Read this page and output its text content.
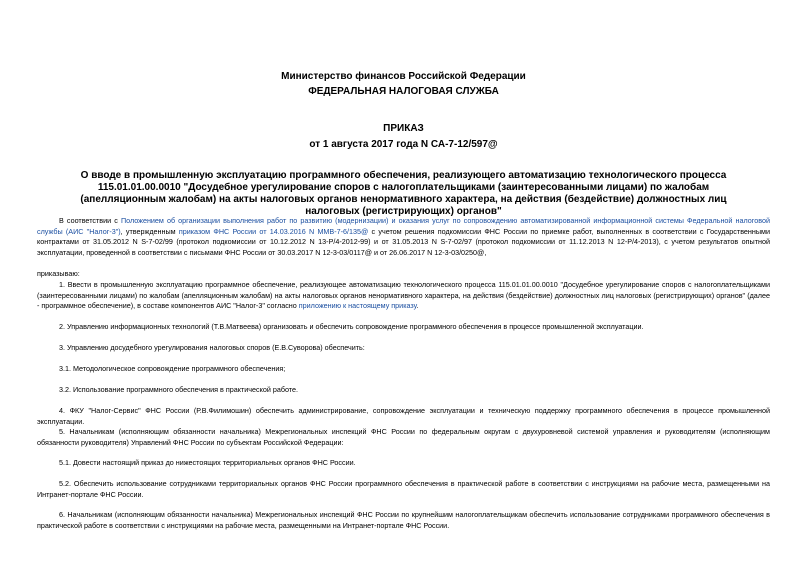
Министерство финансов Российской Федерации
ФЕДЕРАЛЬНАЯ НАЛОГОВАЯ СЛУЖБА
ПРИКАЗ
от 1 августа 2017 года N СА-7-12/597@
О вводе в промышленную эксплуатацию программного обеспечения, реализующего автоматизацию технологического процесса 115.01.01.00.0010 "Досудебное урегулирование споров с налогоплательщиками (заинтересованными лицами) по жалобам (апелляционным жалобам) на акты налоговых органов ненормативного характера, на действия (бездействие) должностных лиц налоговых (регистрирующих) органов"
В соответствии с Положением об организации выполнения работ по развитию (модернизации) и оказания услуг по сопровождению автоматизированной информационной системы Федеральной налоговой службы (АИС "Налог-3"), утвержденным приказом ФНС России от 14.03.2016 N ММВ-7-6/135@ с учетом решения подкомиссии ФНС России по приемке работ, выполненных в соответствии с Государственными контрактами от 31.05.2012 N S-7-02/99 (протокол подкомиссии от 10.12.2012 N 13-Р/4-2012-99) и от 31.05.2013 N S-7-02/97 (протокол подкомиссии от 11.12.2013 N 12-Р/4-2013), с учетом результатов опытной эксплуатации, проведенной в соответствии с письмами ФНС России от 30.03.2017 N 12-3-03/0117@ и от 26.06.2017 N 12-3-03/0250@,
приказываю:
1. Ввести в промышленную эксплуатацию программное обеспечение, реализующее автоматизацию технологического процесса 115.01.01.00.0010 "Досудебное урегулирование споров с налогоплательщиками (заинтересованными лицами) по жалобам (апелляционным жалобам) на акты налоговых органов ненормативного характера, на действия (бездействие) должностных лиц налоговых (регистрирующих) органов" (далее - программное обеспечение), в составе компонентов АИС "Налог-3" согласно приложению к настоящему приказу.
2. Управлению информационных технологий (Т.В.Матвеева) организовать и обеспечить сопровождение программного обеспечения в процессе промышленной эксплуатации.
3. Управлению досудебного урегулирования налоговых споров (Е.В.Суворова) обеспечить:
3.1. Методологическое сопровождение программного обеспечения;
3.2. Использование программного обеспечения в практической работе.
4. ФКУ "Налог-Сервис" ФНС России (Р.В.Филимошин) обеспечить администрирование, сопровождение эксплуатации и техническую поддержку программного обеспечения в процессе промышленной эксплуатации.
5. Начальникам (исполняющим обязанности начальника) Межрегиональных инспекций ФНС России по федеральным округам с двухуровневой системой управления и руководителям (исполняющим обязанности руководителя) Управлений ФНС России по субъектам Российской Федерации:
5.1. Довести настоящий приказ до нижестоящих территориальных органов ФНС России.
5.2. Обеспечить использование сотрудниками территориальных органов ФНС России программного обеспечения в практической работе в соответствии с инструкциями на рабочие места, размещенными на Интранет-портале ФНС России.
6. Начальникам (исполняющим обязанности начальника) Межрегиональных инспекций ФНС России по крупнейшим налогоплательщикам обеспечить использование сотрудниками программного обеспечения в практической работе в соответствии с инструкциями на рабочие места, размещенными на Интранет-портале ФНС России.
